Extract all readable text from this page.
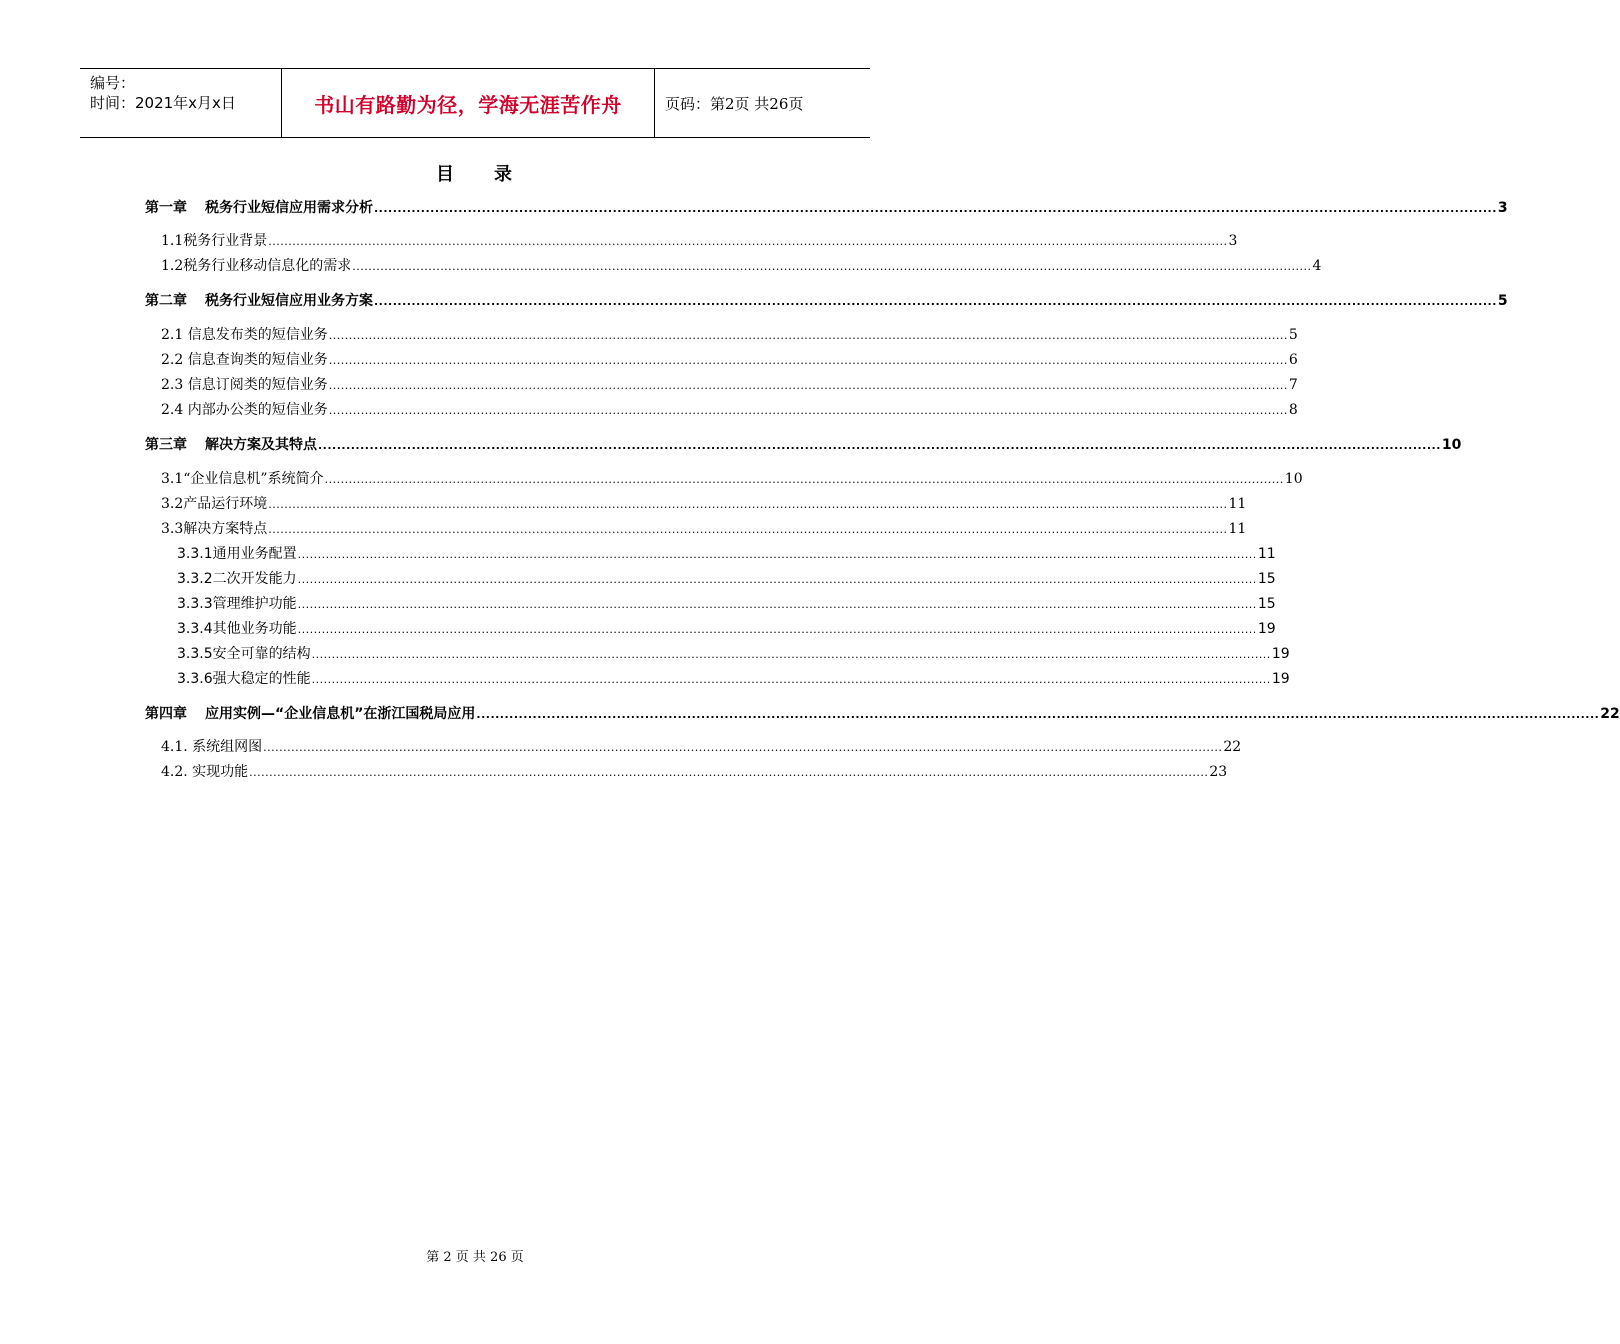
编号：
时间：2021年x月x日	书山有路勤为径，学海无涯苦作舟	页码：第2页 共26页
目 录
第一章 税务行业短信应用需求分析 ................................................................................................................................................................................................................................................ 3
1.1税务行业背景 ................................................................................................................................................................................................................................................ 3
1.2税务行业移动信息化的需求 ................................................................................................................................................................................................................................................ 4
第二章 税务行业短信应用业务方案 ................................................................................................................................................................................................................................................ 5
2.1 信息发布类的短信业务 ................................................................................................................................................................................................................................................ 5
2.2 信息查询类的短信业务 ................................................................................................................................................................................................................................................ 6
2.3 信息订阅类的短信业务 ................................................................................................................................................................................................................................................ 7
2.4 内部办公类的短信业务 ................................................................................................................................................................................................................................................ 8
第三章 解决方案及其特点 ................................................................................................................................................................................................................................................ 10
3.1“企业信息机”系统简介 ................................................................................................................................................................................................................................................ 10
3.2产品运行环境 ................................................................................................................................................................................................................................................ 11
3.3解决方案特点 ................................................................................................................................................................................................................................................ 11
3.3.1通用业务配置 ................................................................................................................................................................................................................................................ 11
3.3.2二次开发能力 ................................................................................................................................................................................................................................................ 15
3.3.3管理维护功能 ................................................................................................................................................................................................................................................ 15
3.3.4其他业务功能 ................................................................................................................................................................................................................................................ 19
3.3.5安全可靠的结构 ................................................................................................................................................................................................................................................ 19
3.3.6强大稳定的性能 ................................................................................................................................................................................................................................................ 19
第四章 应用实例—“企业信息机”在浙江国税局应用 ................................................................................................................................................................................................................................................ 22
4.1. 系统组网图 ................................................................................................................................................................................................................................................ 22
4.2. 实现功能 ................................................................................................................................................................................................................................................ 23
第 2 页 共 26 页
